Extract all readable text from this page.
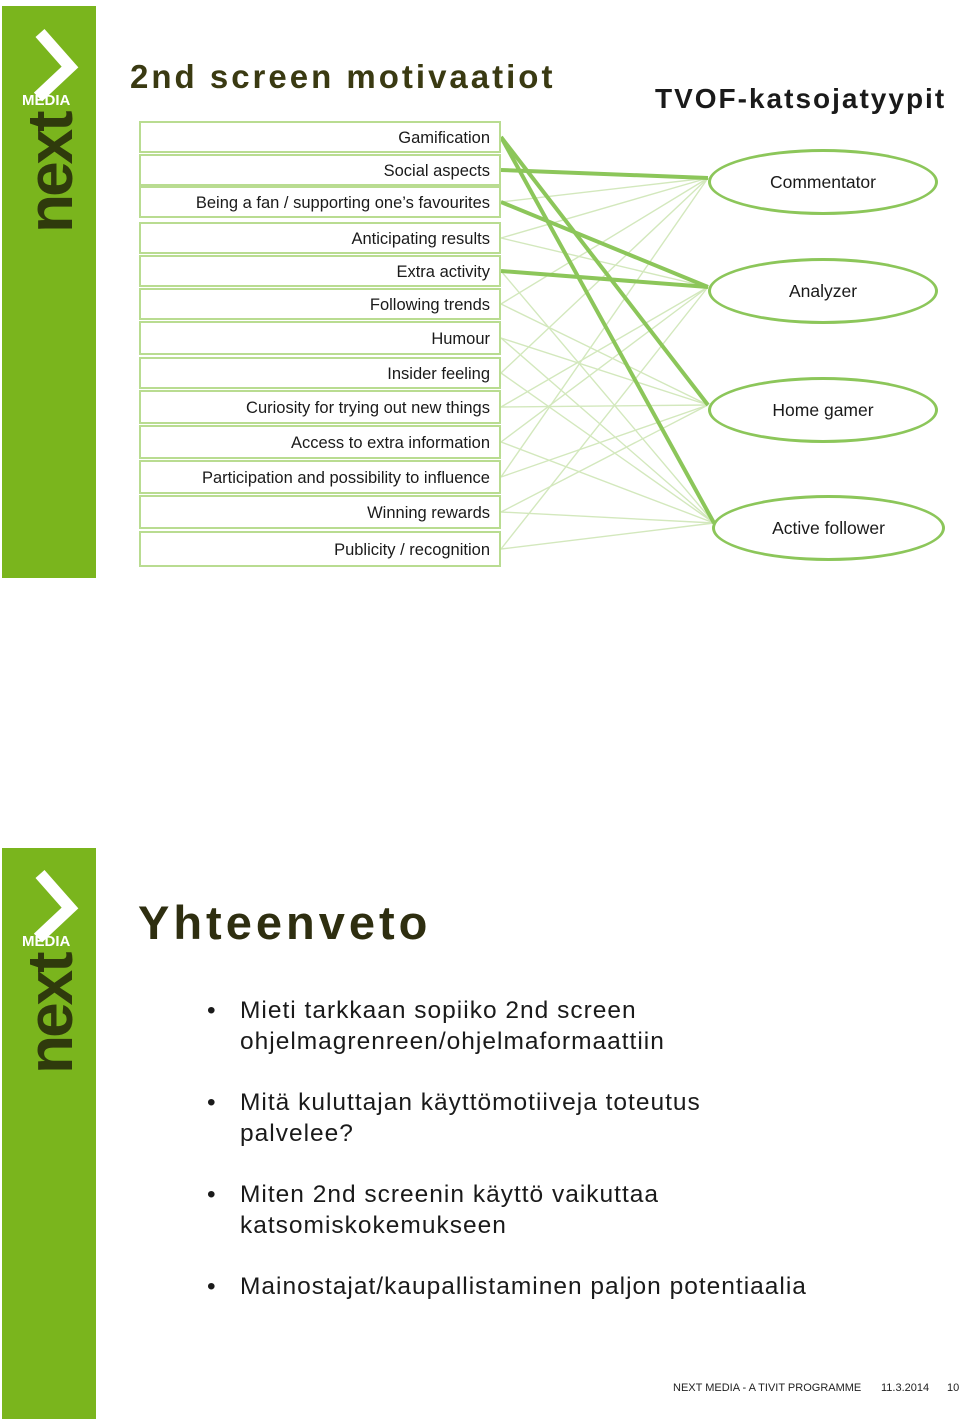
MEDIA
next
2nd screen motivaatiot
TVOF-katsojatyypit
Gamification
Social aspects
Being a fan / supporting one’s favourites
Anticipating results
Extra activity
Following trends
Humour
Insider feeling
Curiosity for trying out new things
Access to extra information
Participation and possibility to influence
Winning rewards
Publicity / recognition
Commentator
Analyzer
Home gamer
Active follower
MEDIA
next
Yhteenveto
• Mieti tarkkaan sopiiko 2nd screen ohjelmagrenreen/ohjelmaformaattiin
• Mitä kuluttajan käyttömotiiveja toteutus palvelee?
• Miten 2nd screenin käyttö vaikuttaa katsomiskokemukseen
• Mainostajat/kaupallistaminen paljon potentiaalia
NEXT MEDIA - A TIVIT PROGRAMME 11.3.2014 10
